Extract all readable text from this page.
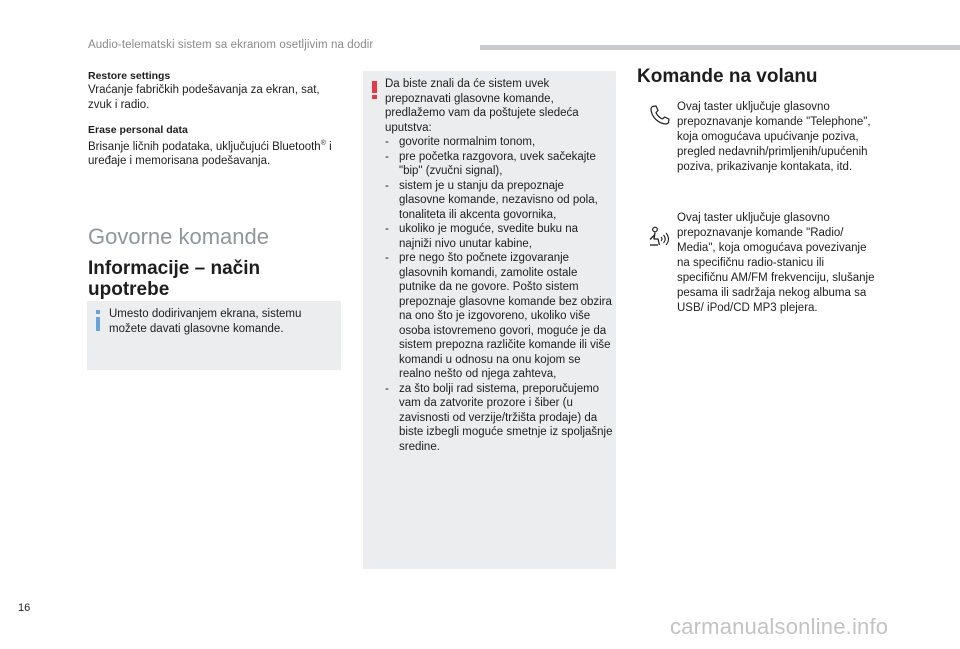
Audio-telematski sistem sa ekranom osetljivim na dodir
Restore settings
Vraćanje fabričkih podešavanja za ekran, sat, zvuk i radio.
Erase personal data
Brisanje ličnih podataka, uključujući Bluetooth® i uređaje i memorisana podešavanja.
Govorne komande
Informacije – način upotrebe
Umesto dodirivanjem ekrana, sistemu možete davati glasovne komande.
Da biste znali da će sistem uvek prepoznavati glasovne komande, predlažemo vam da poštujete sledeća uputstva:
- govorite normalnim tonom,
- pre početka razgovora, uvek sačekajte "bip" (zvučni signal),
- sistem je u stanju da prepoznaje glasovne komande, nezavisno od pola, tonaliteta ili akcenta govornika,
- ukoliko je moguće, svedite buku na najniži nivo unutar kabine,
- pre nego što počnete izgovaranje glasovnih komandi, zamolite ostale putnike da ne govore. Pošto sistem prepoznaje glasovne komande bez obzira na ono što je izgovoreno, ukoliko više osoba istovremeno govori, moguće je da sistem prepozna različite komande ili više komandi u odnosu na onu kojom se realno nešto od njega zahteva,
- za što bolji rad sistema, preporučujemo vam da zatvorite prozore i šiber (u zavisnosti od verzije/tržišta prodaje) da biste izbegli moguće smetnje iz spoljašnje sredine.
Komande na volanu
Ovaj taster uključuje glasovno prepoznavanje komande "Telephone", koja omogućava upućivanje poziva, pregled nedavnih/primljenih/upućenih poziva, prikazivanje kontakata, itd.
Ovaj taster uključuje glasovno prepoznavanje komande "Radio/ Media", koja omogućava povezivanje na specifičnu radio-stanicu ili specifičnu AM/FM frekvenciju, slušanje pesama ili sadržaja nekog albuma sa USB/ iPod/CD MP3 plejera.
16
carmanualsonline.info
